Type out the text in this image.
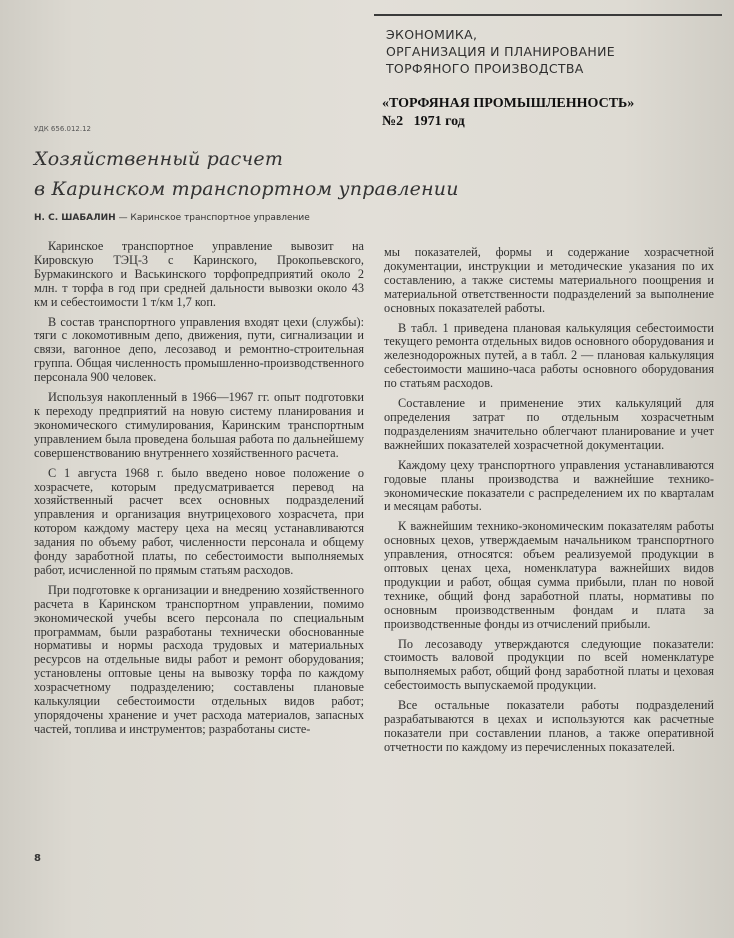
ЭКОНОМИКА,
ОРГАНИЗАЦИЯ И ПЛАНИРОВАНИЕ
ТОРФЯНОГО ПРОИЗВОДСТВА
«ТОРФЯНАЯ ПРОМЫШЛЕННОСТЬ»
№2   1971 год
УДК 656.012.12
Хозяйственный расчет
в Каринском транспортном управлении
Н. С. ШАБАЛИН — Каринское транспортное управление

Каринское транспортное управление вывозит на Кировскую ТЭЦ-3 с Каринского, Прокопьевского, Бурмакинского и Васькинского торфопредприятий около 2 млн. т торфа в год при средней дальности вывозки около 43 км и себестоимости 1 т/км 1,7 коп.

В состав транспортного управления входят цехи (службы): тяги с локомотивным депо, движения, пути, сигнализации и связи, вагонное депо, лесозавод и ремонтно-строительная группа. Общая численность промышленно-производственного персонала 900 человек.

Используя накопленный в 1966—1967 гг. опыт подготовки к переходу предприятий на новую систему планирования и экономического стимулирования, Каринским транспортным управлением была проведена большая работа по дальнейшему совершенствованию внутреннего хозяйственного расчета.

С 1 августа 1968 г. было введено новое положение о хозрасчете, которым предусматривается перевод на хозяйственный расчет всех основных подразделений управления и организация внутрицехового хозрасчета, при котором каждому мастеру цеха на месяц устанавливаются задания по объему работ, численности персонала и общему фонду заработной платы, по себестоимости выполняемых работ, исчисленной по прямым статьям расходов.

При подготовке к организации и внедрению хозяйственного расчета в Каринском транспортном управлении, помимо экономической учебы всего персонала по специальным программам, были разработаны технически обоснованные нормативы и нормы расхода трудовых и материальных ресурсов на отдельные виды работ и ремонт оборудования; установлены оптовые цены на вывозку торфа по каждому хозрасчетному подразделению; составлены плановые калькуляции себестоимости отдельных видов работ; упорядочены хранение и учет расхода материалов, запасных частей, топлива и инструментов; разработаны систе-

мы показателей, формы и содержание хозрасчетной документации, инструкции и методические указания по их составлению, а также системы материального поощрения и материальной ответственности подразделений за выполнение основных показателей работы.

В табл. 1 приведена плановая калькуляция себестоимости текущего ремонта отдельных видов основного оборудования и железнодорожных путей, а в табл. 2 — плановая калькуляция себестоимости машино-часа работы основного оборудования по статьям расходов.

Составление и применение этих калькуляций для определения затрат по отдельным хозрасчетным подразделениям значительно облегчают планирование и учет важнейших показателей хозрасчетной документации.

Каждому цеху транспортного управления устанавливаются годовые планы производства и важнейшие технико-экономические показатели с распределением их по кварталам и месяцам работы.

К важнейшим технико-экономическим показателям работы основных цехов, утверждаемым начальником транспортного управления, относятся: объем реализуемой продукции в оптовых ценах цеха, номенклатура важнейших видов продукции и работ, общая сумма прибыли, план по новой технике, общий фонд заработной платы, нормативы по основным производственным фондам и плата за производственные фонды из отчислений прибыли.

По лесозаводу утверждаются следующие показатели: стоимость валовой продукции по всей номенклатуре выполняемых работ, общий фонд заработной платы и цеховая себестоимость выпускаемой продукции.

Все остальные показатели работы подразделений разрабатываются в цехах и используются как расчетные показатели при составлении планов, а также оперативной отчетности по каждому из перечисленных показателей.

8
